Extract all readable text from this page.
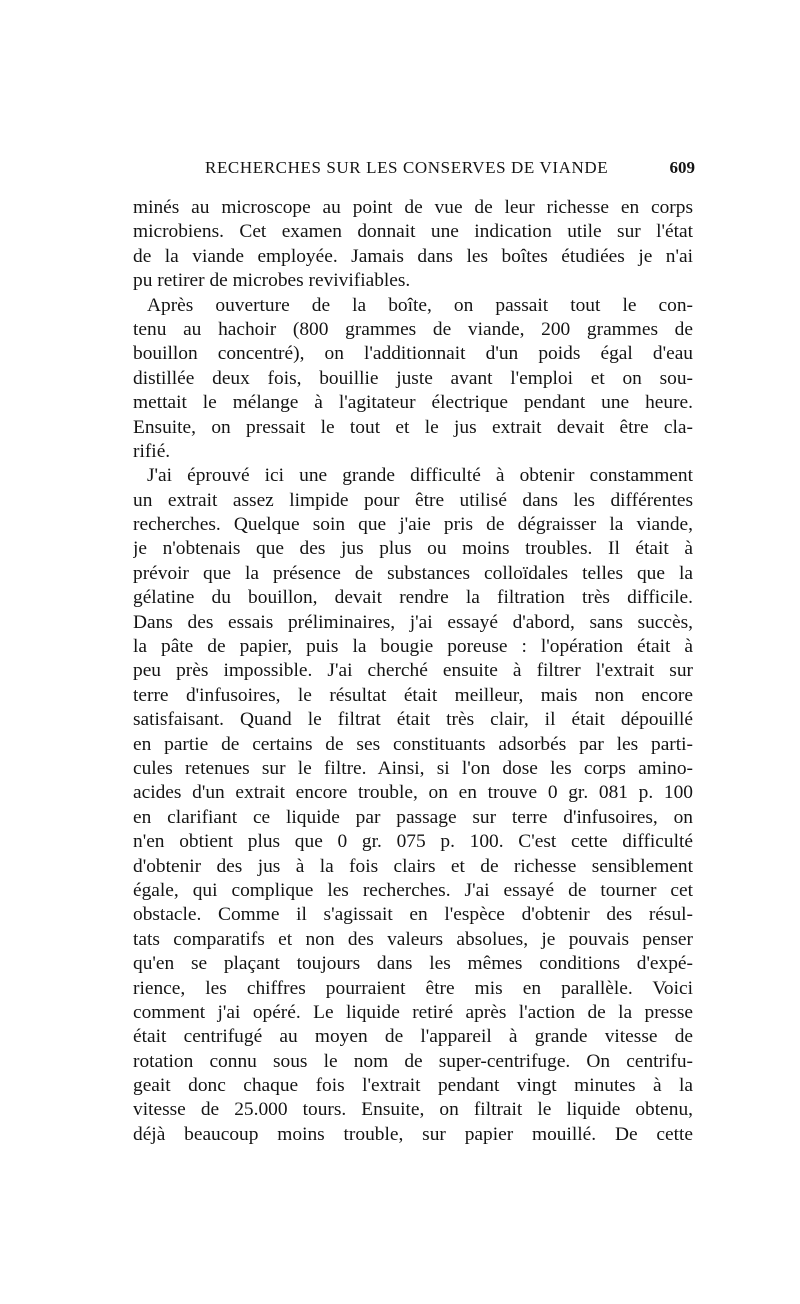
RECHERCHES SUR LES CONSERVES DE VIANDE	609
minés au microscope au point de vue de leur richesse en corps
microbiens. Cet examen donnait une indication utile sur l'état
de la viande employée. Jamais dans les boîtes étudiées je n'ai
pu retirer de microbes revivifiables.
Après ouverture de la boîte, on passait tout le con-
tenu au hachoir (800 grammes de viande, 200 grammes de
bouillon concentré), on l'additionnait d'un poids égal d'eau
distillée deux fois, bouillie juste avant l'emploi et on sou-
mettait le mélange à l'agitateur électrique pendant une heure.
Ensuite, on pressait le tout et le jus extrait devait être cla-
rifié.
J'ai éprouvé ici une grande difficulté à obtenir constamment
un extrait assez limpide pour être utilisé dans les différentes
recherches. Quelque soin que j'aie pris de dégraisser la viande,
je n'obtenais que des jus plus ou moins troubles. Il était à
prévoir que la présence de substances colloïdales telles que la
gélatine du bouillon, devait rendre la filtration très difficile.
Dans des essais préliminaires, j'ai essayé d'abord, sans succès,
la pâte de papier, puis la bougie poreuse : l'opération était à
peu près impossible. J'ai cherché ensuite à filtrer l'extrait sur
terre d'infusoires, le résultat était meilleur, mais non encore
satisfaisant. Quand le filtrat était très clair, il était dépouillé
en partie de certains de ses constituants adsorbés par les parti-
cules retenues sur le filtre. Ainsi, si l'on dose les corps amino-
acides d'un extrait encore trouble, on en trouve 0 gr. 081 p. 100
en clarifiant ce liquide par passage sur terre d'infusoires, on
n'en obtient plus que 0 gr. 075 p. 100. C'est cette difficulté
d'obtenir des jus à la fois clairs et de richesse sensiblement
égale, qui complique les recherches. J'ai essayé de tourner cet
obstacle. Comme il s'agissait en l'espèce d'obtenir des résul-
tats comparatifs et non des valeurs absolues, je pouvais penser
qu'en se plaçant toujours dans les mêmes conditions d'expé-
rience, les chiffres pourraient être mis en parallèle. Voici
comment j'ai opéré. Le liquide retiré après l'action de la presse
était centrifugé au moyen de l'appareil à grande vitesse de
rotation connu sous le nom de super-centrifuge. On centrifu-
geait donc chaque fois l'extrait pendant vingt minutes à la
vitesse de 25.000 tours. Ensuite, on filtrait le liquide obtenu,
déjà beaucoup moins trouble, sur papier mouillé. De cette
